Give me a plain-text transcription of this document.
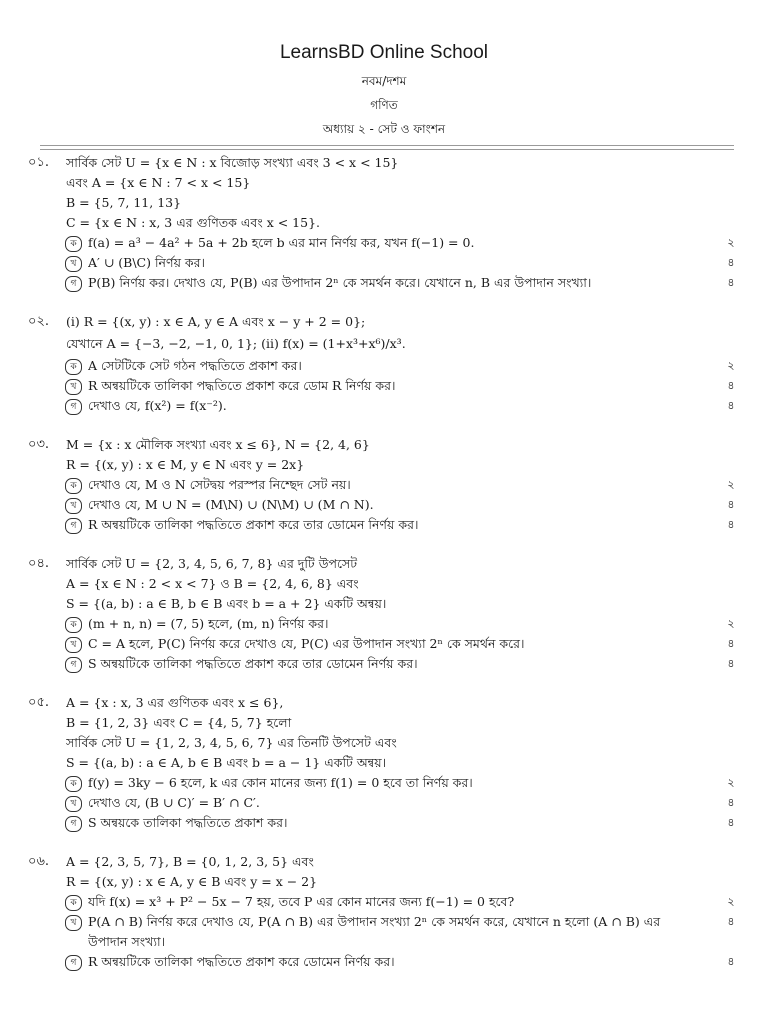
LearnsBD Online School
নবম/দশম
গণিত
অধ্যায় ২ - সেট ও ফাংশন
০১.	সার্বিক সেট U = {x ∈ N : x বিজোড় সংখ্যা এবং 3 < x < 15}
এবং A = {x ∈ N : 7 < x < 15}
B = {5, 7, 11, 13}
C = {x ∈ N : x, 3 এর গুণিতক এবং x < 15}.
ক f(a) = a³ − 4a² + 5a + 2b হলে b এর মান নির্ণয় কর, যখন f(−1) = 0.	২
খ A′ ∪ (B\C) নির্ণয় কর।	৪
গ P(B) নির্ণয় কর। দেখাও যে, P(B) এর উপাদান 2ⁿ কে সমর্থন করে। যেখানে n, B এর উপাদান সংখ্যা।	৪
০২.	(i) R = {(x, y) : x ∈ A, y ∈ A এবং x − y + 2 = 0};
যেখানে A = {−3, −2, −1, 0, 1}; (ii) f(x) = (1+x³+x⁶)/x³.
ক A সেটটিকে সেট গঠন পদ্ধতিতে প্রকাশ কর।	২
খ R অন্বয়টিকে তালিকা পদ্ধতিতে প্রকাশ করে ডোম R নির্ণয় কর।	৪
গ দেখাও যে, f(x²) = f(x⁻²).	৪
০৩.	M = {x : x মৌলিক সংখ্যা এবং x ≤ 6}, N = {2, 4, 6}
R = {(x, y) : x ∈ M, y ∈ N এবং y = 2x}
ক দেখাও যে, M ও N সেটদ্বয় পরস্পর নিশ্ছেদ সেট নয়।	২
খ দেখাও যে, M ∪ N = (M\N) ∪ (N\M) ∪ (M ∩ N).	৪
গ R অন্বয়টিকে তালিকা পদ্ধতিতে প্রকাশ করে তার ডোমেন নির্ণয় কর।	৪
০৪.	সার্বিক সেট U = {2, 3, 4, 5, 6, 7, 8} এর দুটি উপসেট
A = {x ∈ N : 2 < x < 7} ও B = {2, 4, 6, 8} এবং
S = {(a, b) : a ∈ B, b ∈ B এবং b = a + 2} একটি অন্বয়।
ক (m + n, n) = (7, 5) হলে, (m, n) নির্ণয় কর।	২
খ C = A হলে, P(C) নির্ণয় করে দেখাও যে, P(C) এর উপাদান সংখ্যা 2ⁿ কে সমর্থন করে।	৪
গ S অন্বয়টিকে তালিকা পদ্ধতিতে প্রকাশ করে তার ডোমেন নির্ণয় কর।	৪
০৫.	A = {x : x, 3 এর গুণিতক এবং x ≤ 6},
B = {1, 2, 3} এবং C = {4, 5, 7} হলো
সার্বিক সেট U = {1, 2, 3, 4, 5, 6, 7} এর তিনটি উপসেট এবং
S = {(a, b) : a ∈ A, b ∈ B এবং b = a − 1} একটি অন্বয়।
ক f(y) = 3ky − 6 হলে, k এর কোন মানের জন্য f(1) = 0 হবে তা নির্ণয় কর।	২
খ দেখাও যে, (B ∪ C)′ = B′ ∩ C′.	৪
গ S অন্বয়কে তালিকা পদ্ধতিতে প্রকাশ কর।	৪
০৬.	A = {2, 3, 5, 7}, B = {0, 1, 2, 3, 5} এবং
R = {(x, y) : x ∈ A, y ∈ B এবং y = x − 2}
ক যদি f(x) = x³ + P² − 5x − 7 হয়, তবে P এর কোন মানের জন্য f(−1) = 0 হবে?	২
খ P(A ∩ B) নির্ণয় করে দেখাও যে, P(A ∩ B) এর উপাদান সংখ্যা 2ⁿ কে সমর্থন করে, যেখানে n হলো (A ∩ B) এর	৪
উপাদান সংখ্যা।
গ R অন্বয়টিকে তালিকা পদ্ধতিতে প্রকাশ করে ডোমেন নির্ণয় কর।	৪
